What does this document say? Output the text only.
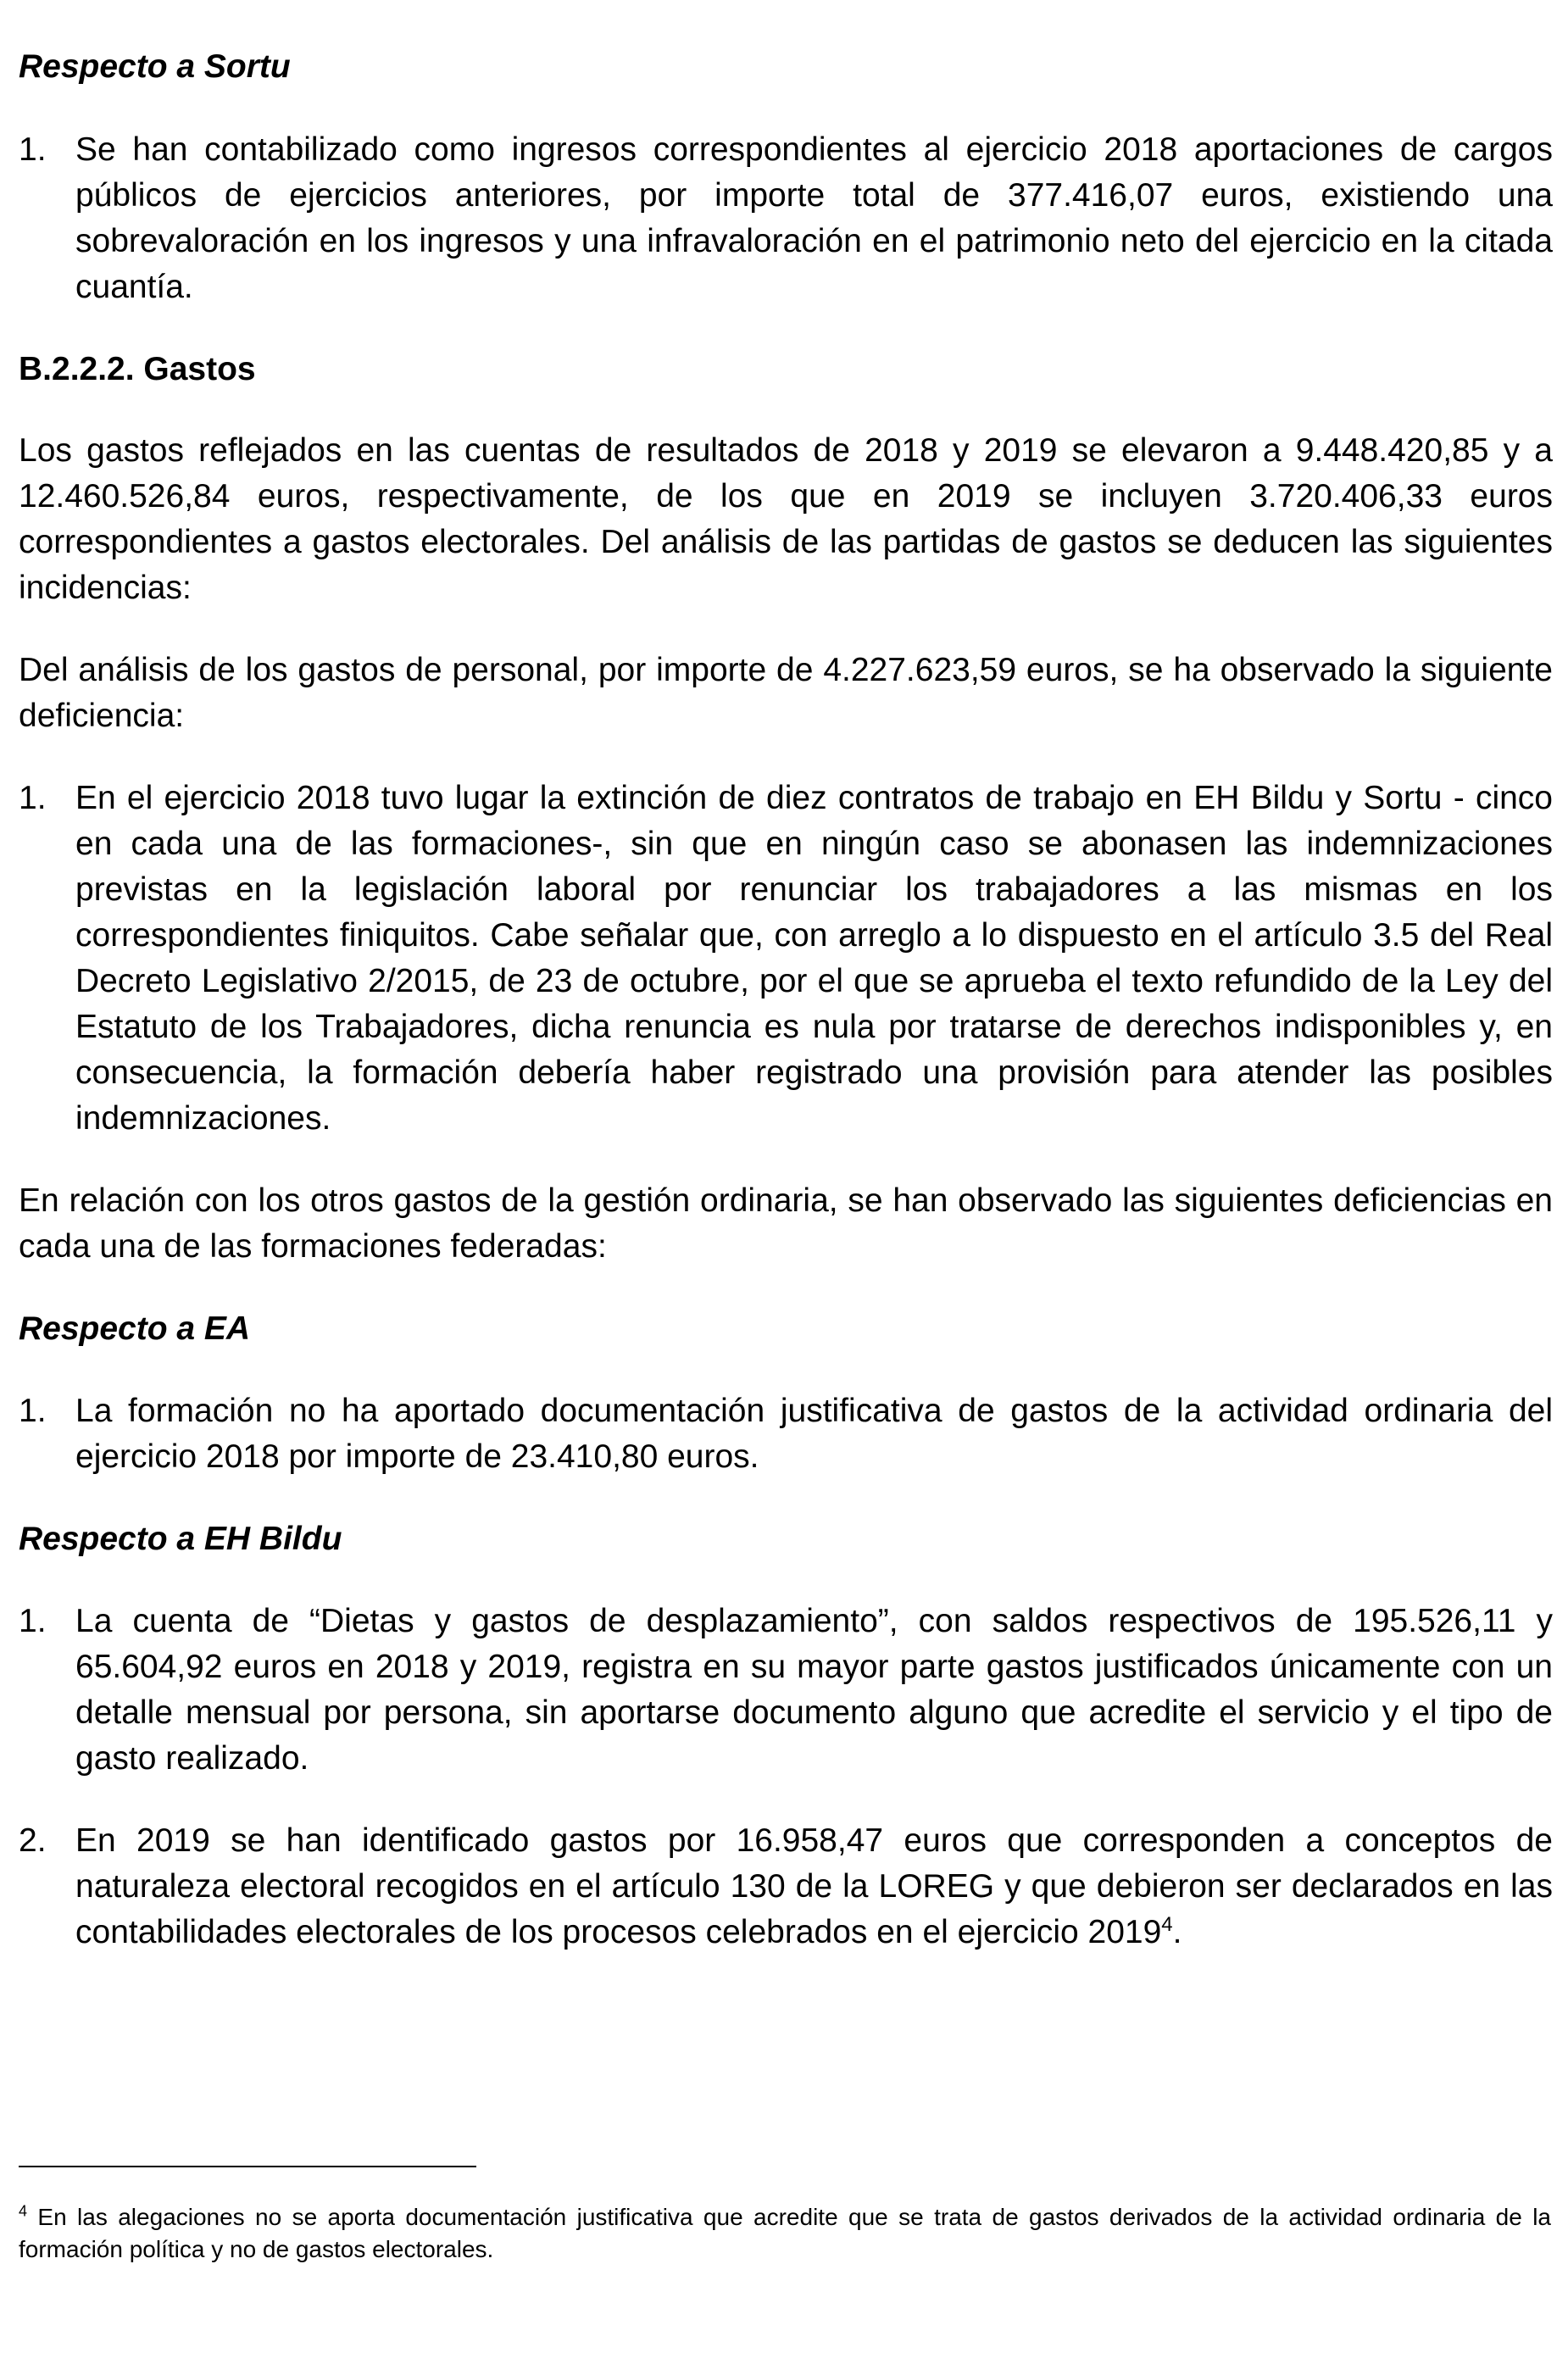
Respecto a Sortu

1. Se han contabilizado como ingresos correspondientes al ejercicio 2018 aportaciones de cargos públicos de ejercicios anteriores, por importe total de 377.416,07 euros, existiendo una sobrevaloración en los ingresos y una infravaloración en el patrimonio neto del ejercicio en la citada cuantía.

B.2.2.2. Gastos

Los gastos reflejados en las cuentas de resultados de 2018 y 2019 se elevaron a 9.448.420,85 y a 12.460.526,84 euros, respectivamente, de los que en 2019 se incluyen 3.720.406,33 euros correspondientes a gastos electorales. Del análisis de las partidas de gastos se deducen las siguientes incidencias:

Del análisis de los gastos de personal, por importe de 4.227.623,59 euros, se ha observado la siguiente deficiencia:

1. En el ejercicio 2018 tuvo lugar la extinción de diez contratos de trabajo en EH Bildu y Sortu - cinco en cada una de las formaciones-, sin que en ningún caso se abonasen las indemnizaciones previstas en la legislación laboral por renunciar los trabajadores a las mismas en los correspondientes finiquitos. Cabe señalar que, con arreglo a lo dispuesto en el artículo 3.5 del Real Decreto Legislativo 2/2015, de 23 de octubre, por el que se aprueba el texto refundido de la Ley del Estatuto de los Trabajadores, dicha renuncia es nula por tratarse de derechos indisponibles y, en consecuencia, la formación debería haber registrado una provisión para atender las posibles indemnizaciones.

En relación con los otros gastos de la gestión ordinaria, se han observado las siguientes deficiencias en cada una de las formaciones federadas:

Respecto a EA

1. La formación no ha aportado documentación justificativa de gastos de la actividad ordinaria del ejercicio 2018 por importe de 23.410,80 euros.

Respecto a EH Bildu

1. La cuenta de “Dietas y gastos de desplazamiento”, con saldos respectivos de 195.526,11 y 65.604,92 euros en 2018 y 2019, registra en su mayor parte gastos justificados únicamente con un detalle mensual por persona, sin aportarse documento alguno que acredite el servicio y el tipo de gasto realizado.
2. En 2019 se han identificado gastos por 16.958,47 euros que corresponden a conceptos de naturaleza electoral recogidos en el artículo 130 de la LOREG y que debieron ser declarados en las contabilidades electorales de los procesos celebrados en el ejercicio 2019$^4$.

$^4$ En las alegaciones no se aporta documentación justificativa que acredite que se trata de gastos derivados de la actividad ordinaria de la formación política y no de gastos electorales.
